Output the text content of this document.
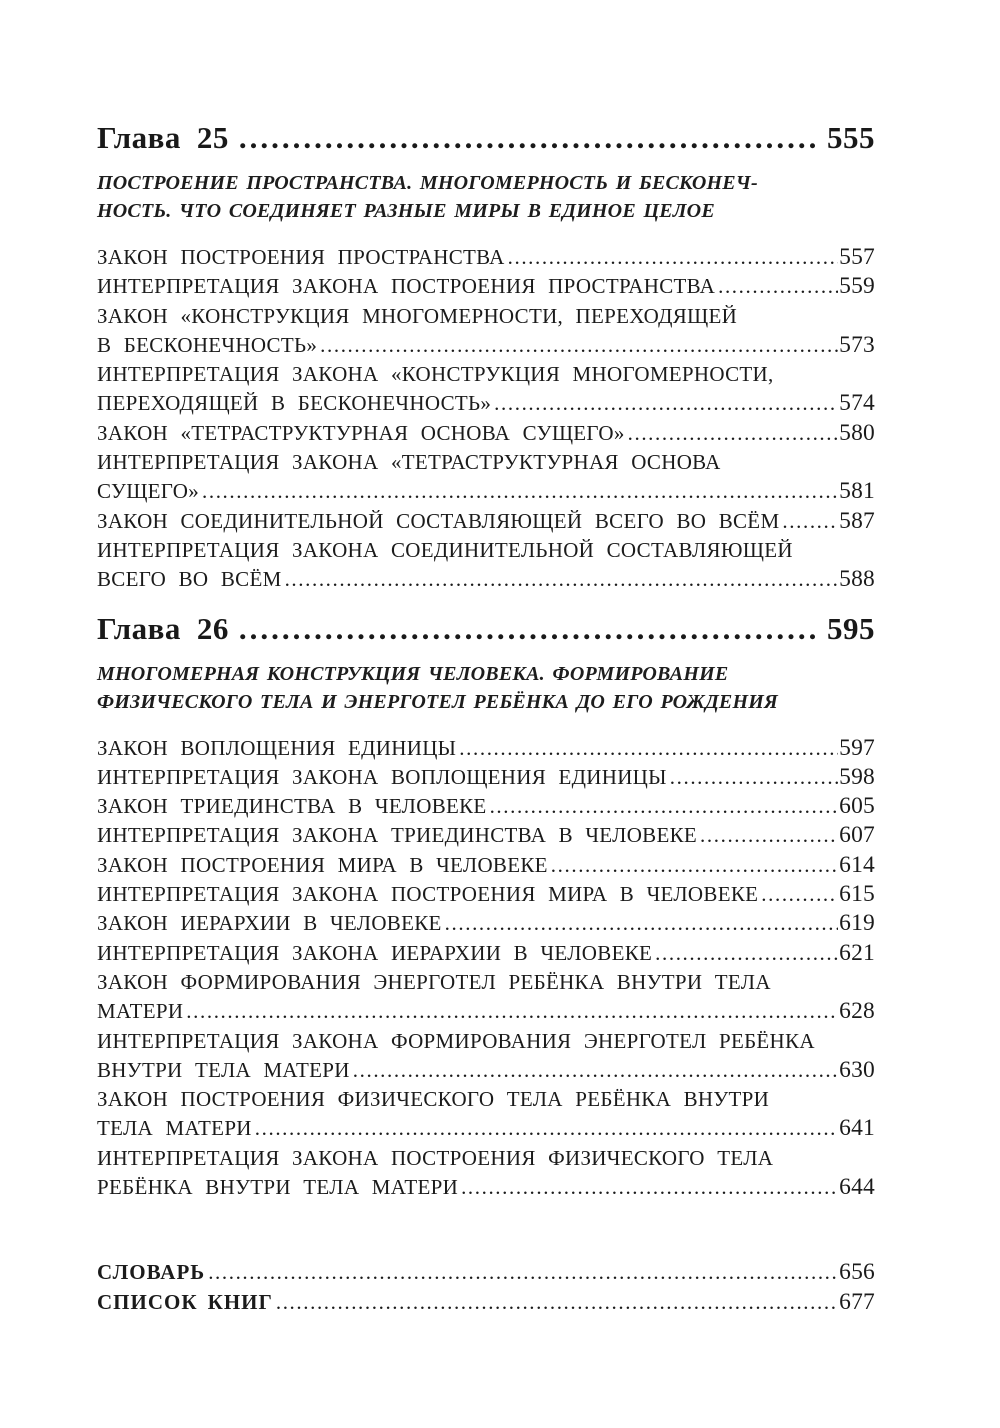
Глава 25 .....	555

ПОСТРОЕНИЕ ПРОСТРАНСТВА. МНОГОМЕРНОСТЬ И БЕСКОНЕЧ-
НОСТЬ. ЧТО СОЕДИНЯЕТ РАЗНЫЕ МИРЫ В ЕДИНОЕ ЦЕЛОЕ

ЗАКОН ПОСТРОЕНИЯ ПРОСТРАНСТВА .....	557
ИНТЕРПРЕТАЦИЯ ЗАКОНА ПОСТРОЕНИЯ ПРОСТРАНСТВА .....	559
ЗАКОН «КОНСТРУКЦИЯ МНОГОМЕРНОСТИ, ПЕРЕХОДЯЩЕЙ
В БЕСКОНЕЧНОСТЬ» .....	573
ИНТЕРПРЕТАЦИЯ ЗАКОНА «КОНСТРУКЦИЯ МНОГОМЕРНОСТИ,
ПЕРЕХОДЯЩЕЙ В БЕСКОНЕЧНОСТЬ» .....	574
ЗАКОН «ТЕТРАСТРУКТУРНАЯ ОСНОВА СУЩЕГО» .....	580
ИНТЕРПРЕТАЦИЯ ЗАКОНА «ТЕТРАСТРУКТУРНАЯ ОСНОВА
СУЩЕГО» .....	581
ЗАКОН СОЕДИНИТЕЛЬНОЙ СОСТАВЛЯЮЩЕЙ ВСЕГО ВО ВСЁМ .....	587
ИНТЕРПРЕТАЦИЯ ЗАКОНА СОЕДИНИТЕЛЬНОЙ СОСТАВЛЯЮЩЕЙ
ВСЕГО ВО ВСЁМ .....	588
Глава 26 .....	595

МНОГОМЕРНАЯ КОНСТРУКЦИЯ ЧЕЛОВЕКА. ФОРМИРОВАНИЕ
ФИЗИЧЕСКОГО ТЕЛА И ЭНЕРГОТЕЛ РЕБЁНКА ДО ЕГО РОЖДЕНИЯ

ЗАКОН ВОПЛОЩЕНИЯ ЕДИНИЦЫ .....	597
ИНТЕРПРЕТАЦИЯ ЗАКОНА ВОПЛОЩЕНИЯ ЕДИНИЦЫ .....	598
ЗАКОН ТРИЕДИНСТВА В ЧЕЛОВЕКЕ .....	605
ИНТЕРПРЕТАЦИЯ ЗАКОНА ТРИЕДИНСТВА В ЧЕЛОВЕКЕ .....	607
ЗАКОН ПОСТРОЕНИЯ МИРА В ЧЕЛОВЕКЕ .....	614
ИНТЕРПРЕТАЦИЯ ЗАКОНА ПОСТРОЕНИЯ МИРА В ЧЕЛОВЕКЕ .....	615
ЗАКОН ИЕРАРХИИ В ЧЕЛОВЕКЕ .....	619
ИНТЕРПРЕТАЦИЯ ЗАКОНА ИЕРАРХИИ В ЧЕЛОВЕКЕ .....	621
ЗАКОН ФОРМИРОВАНИЯ ЭНЕРГОТЕЛ РЕБЁНКА ВНУТРИ ТЕЛА
МАТЕРИ .....	628
ИНТЕРПРЕТАЦИЯ ЗАКОНА ФОРМИРОВАНИЯ ЭНЕРГОТЕЛ РЕБЁНКА
ВНУТРИ ТЕЛА МАТЕРИ .....	630
ЗАКОН ПОСТРОЕНИЯ ФИЗИЧЕСКОГО ТЕЛА РЕБЁНКА ВНУТРИ
ТЕЛА МАТЕРИ .....	641
ИНТЕРПРЕТАЦИЯ ЗАКОНА ПОСТРОЕНИЯ ФИЗИЧЕСКОГО ТЕЛА
РЕБЁНКА ВНУТРИ ТЕЛА МАТЕРИ .....	644
СЛОВАРЬ .....	656
СПИСОК КНИГ .....	677
